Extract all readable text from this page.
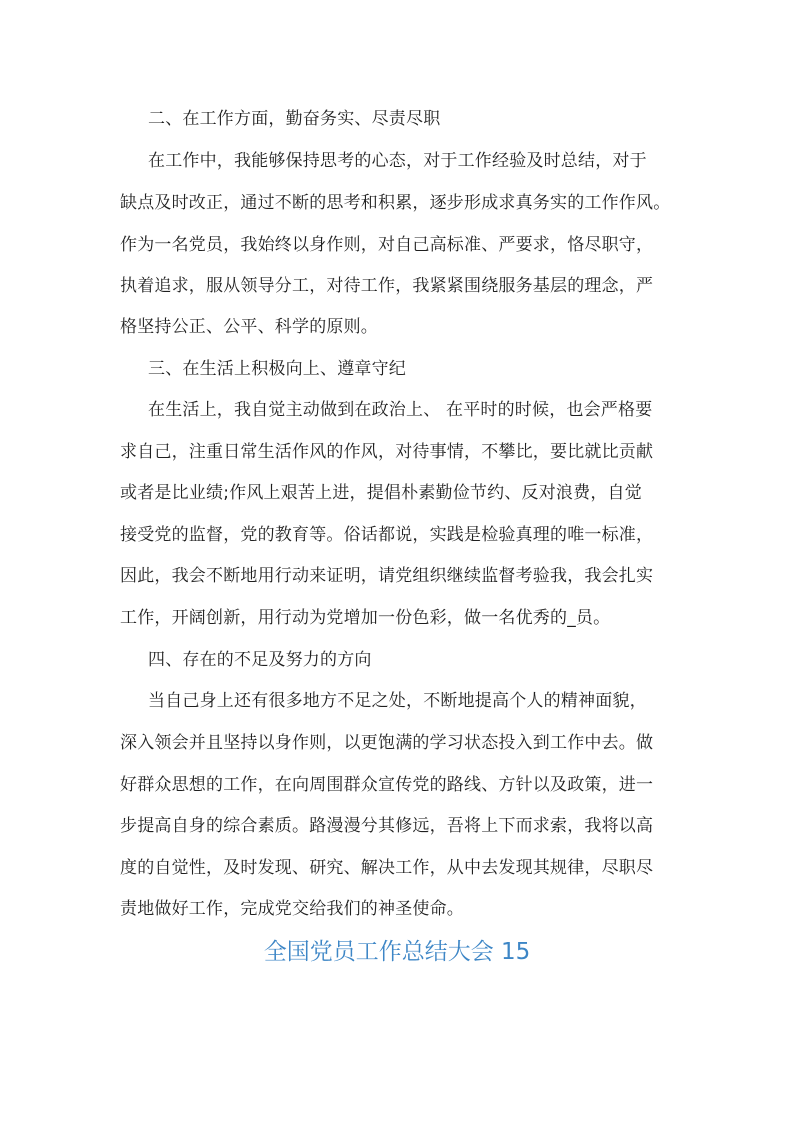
二、在工作方面，勤奋务实、尽责尽职
在工作中，我能够保持思考的心态，对于工作经验及时总结，对于
缺点及时改正，通过不断的思考和积累，逐步形成求真务实的工作作风。
作为一名党员，我始终以身作则，对自己高标准、严要求，恪尽职守，
执着追求，服从领导分工，对待工作，我紧紧围绕服务基层的理念，严
格坚持公正、公平、科学的原则。
三、在生活上积极向上、遵章守纪
在生活上，我自觉主动做到在政治上、 在平时的时候，也会严格要
求自己，注重日常生活作风的作风，对待事情，不攀比，要比就比贡献
或者是比业绩;作风上艰苦上进，提倡朴素勤俭节约、反对浪费，自觉
接受党的监督，党的教育等。俗话都说，实践是检验真理的唯一标准，
因此，我会不断地用行动来证明，请党组织继续监督考验我，我会扎实
工作，开阔创新，用行动为党增加一份色彩，做一名优秀的_员。
四、存在的不足及努力的方向
当自己身上还有很多地方不足之处，不断地提高个人的精神面貌，
深入领会并且坚持以身作则，以更饱满的学习状态投入到工作中去。做
好群众思想的工作，在向周围群众宣传党的路线、方针以及政策，进一
步提高自身的综合素质。路漫漫兮其修远，吾将上下而求索，我将以高
度的自觉性，及时发现、研究、解决工作，从中去发现其规律，尽职尽
责地做好工作，完成党交给我们的神圣使命。
全国党员工作总结大会 15
